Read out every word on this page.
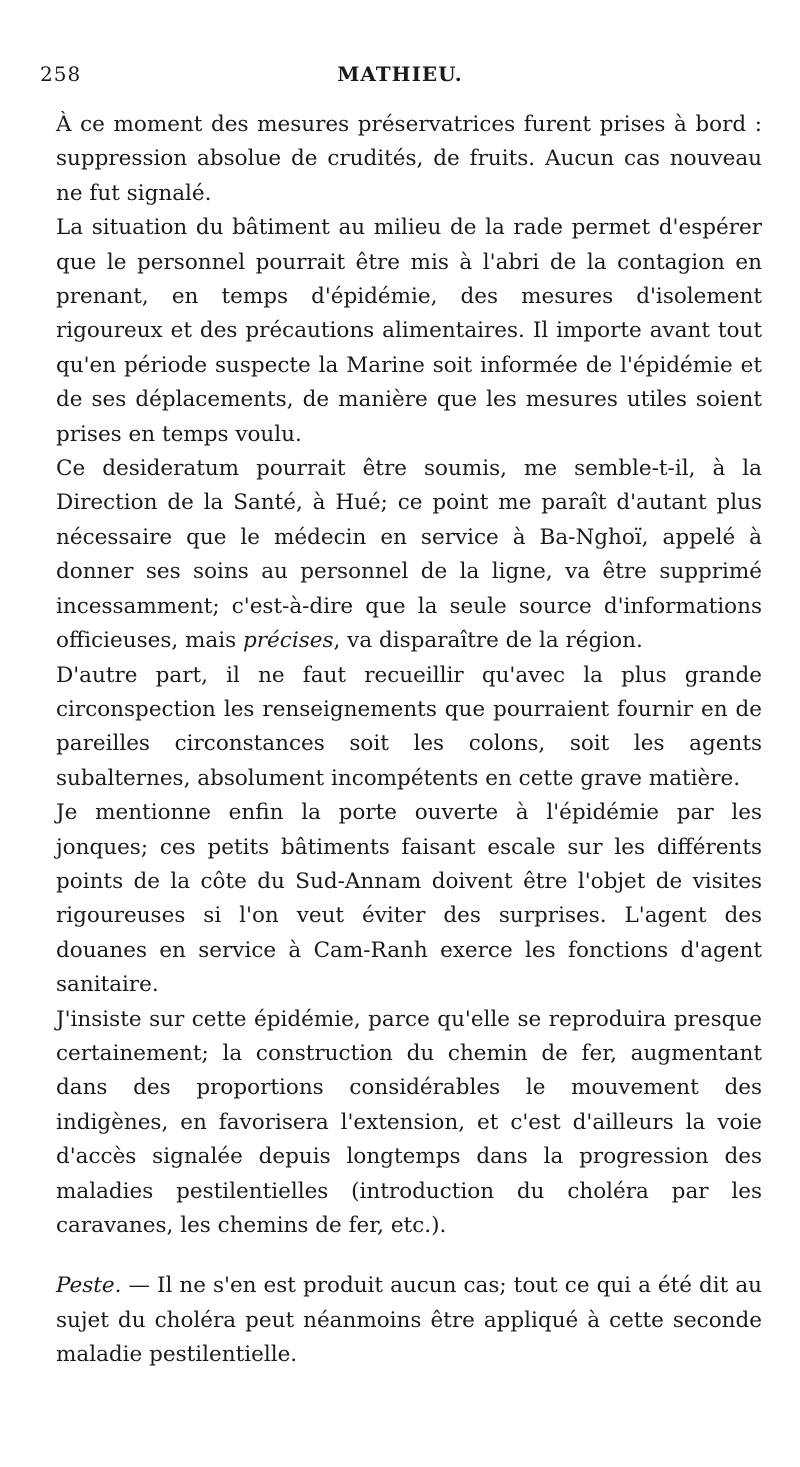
258	MATHIEU.

À ce moment des mesures préservatrices furent prises à bord : suppression absolue de crudités, de fruits. Aucun cas nouveau ne fut signalé.

La situation du bâtiment au milieu de la rade permet d'espérer que le personnel pourrait être mis à l'abri de la contagion en prenant, en temps d'épidémie, des mesures d'isolement rigoureux et des précautions alimentaires. Il importe avant tout qu'en période suspecte la Marine soit informée de l'épidémie et de ses déplacements, de manière que les mesures utiles soient prises en temps voulu.

Ce desideratum pourrait être soumis, me semble-t-il, à la Direction de la Santé, à Hué; ce point me paraît d'autant plus nécessaire que le médecin en service à Ba-Nghoï, appelé à donner ses soins au personnel de la ligne, va être supprimé incessamment; c'est-à-dire que la seule source d'informations officieuses, mais précises, va disparaître de la région.

D'autre part, il ne faut recueillir qu'avec la plus grande circonspection les renseignements que pourraient fournir en de pareilles circonstances soit les colons, soit les agents subalternes, absolument incompétents en cette grave matière.

Je mentionne enfin la porte ouverte à l'épidémie par les jonques; ces petits bâtiments faisant escale sur les différents points de la côte du Sud-Annam doivent être l'objet de visites rigoureuses si l'on veut éviter des surprises. L'agent des douanes en service à Cam-Ranh exerce les fonctions d'agent sanitaire.

J'insiste sur cette épidémie, parce qu'elle se reproduira presque certainement; la construction du chemin de fer, augmentant dans des proportions considérables le mouvement des indigènes, en favorisera l'extension, et c'est d'ailleurs la voie d'accès signalée depuis longtemps dans la progression des maladies pestilentielles (introduction du choléra par les caravanes, les chemins de fer, etc.).

Peste. — Il ne s'en est produit aucun cas; tout ce qui a été dit au sujet du choléra peut néanmoins être appliqué à cette seconde maladie pestilentielle.
